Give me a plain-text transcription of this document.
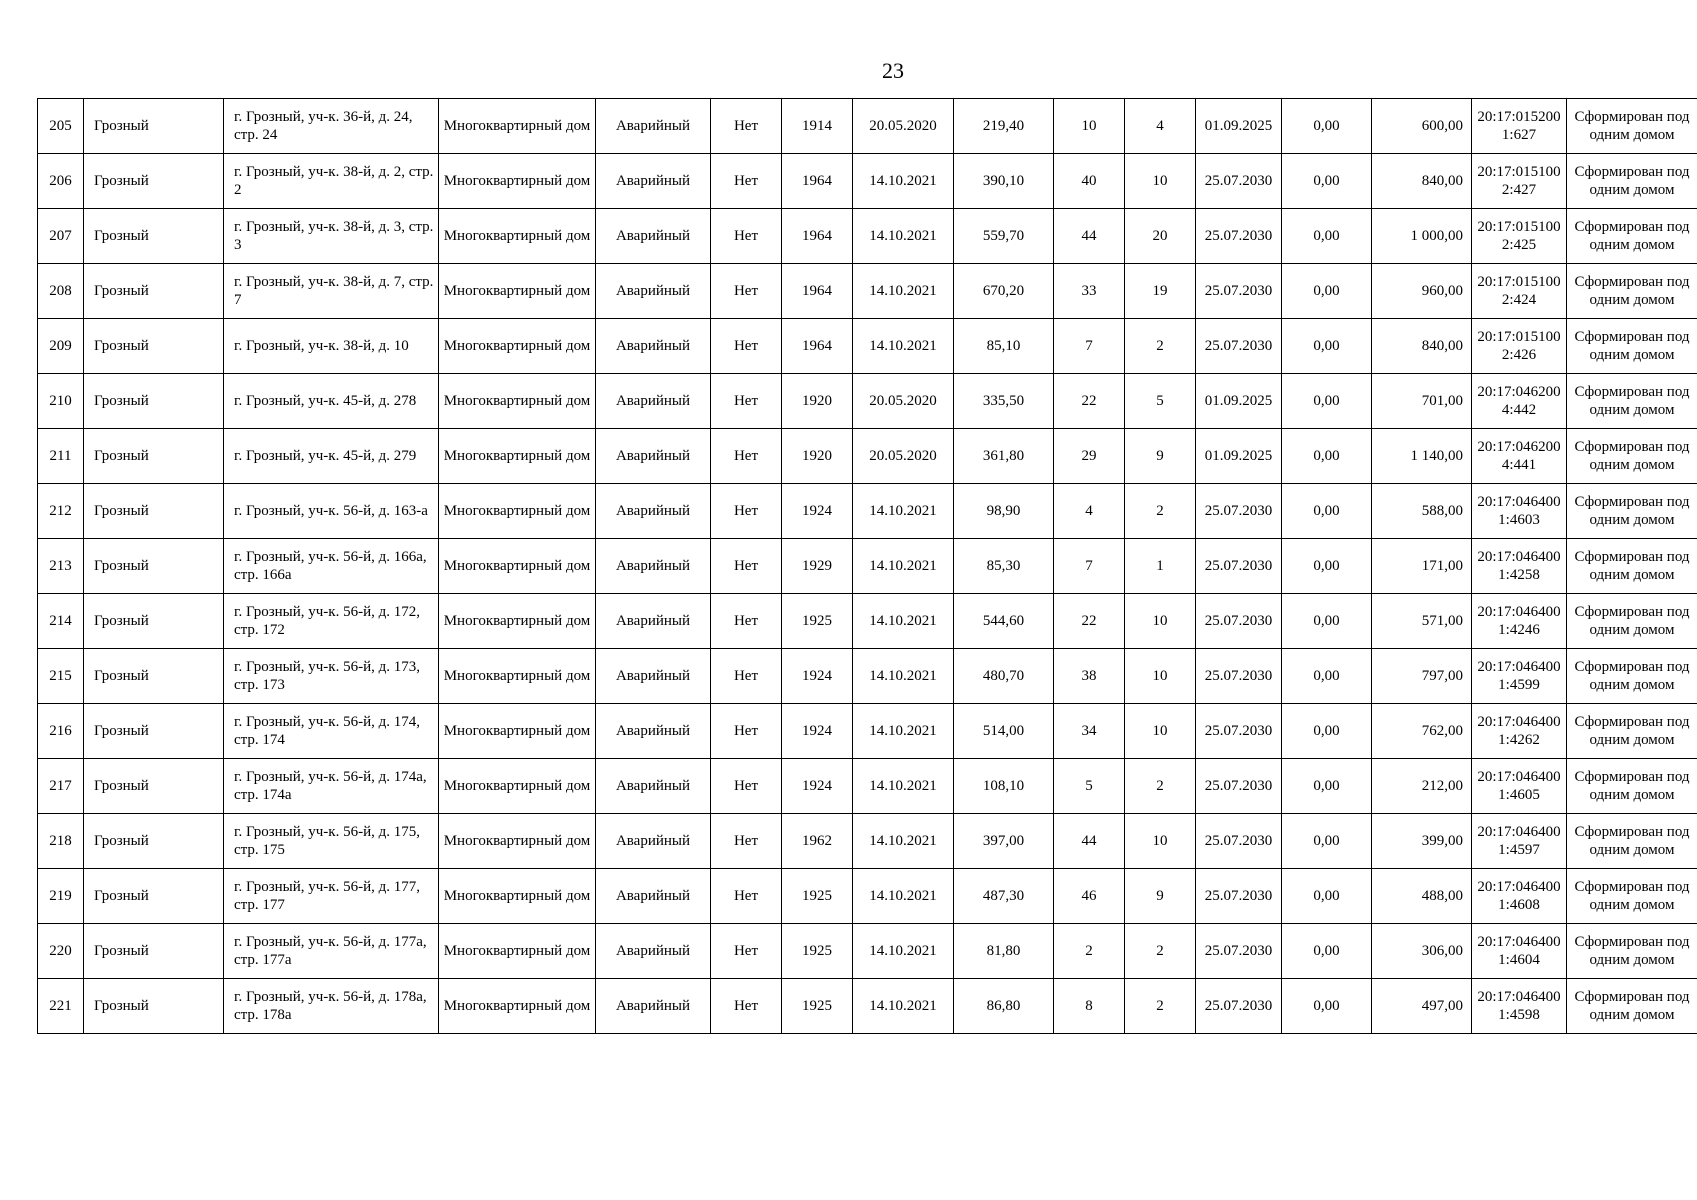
23
205	Грозный	г. Грозный, уч-к. 36-й, д. 24, стр. 24	Многоквартирный дом	Аварийный	Нет	1914	20.05.2020	219,40	10	4	01.09.2025	0,00	600,00	20:17:0152001:627	Сформирован под одним домом
206	Грозный	г. Грозный, уч-к. 38-й, д. 2, стр. 2	Многоквартирный дом	Аварийный	Нет	1964	14.10.2021	390,10	40	10	25.07.2030	0,00	840,00	20:17:0151002:427	Сформирован под одним домом
207	Грозный	г. Грозный, уч-к. 38-й, д. 3, стр. 3	Многоквартирный дом	Аварийный	Нет	1964	14.10.2021	559,70	44	20	25.07.2030	0,00	1 000,00	20:17:0151002:425	Сформирован под одним домом
208	Грозный	г. Грозный, уч-к. 38-й, д. 7, стр. 7	Многоквартирный дом	Аварийный	Нет	1964	14.10.2021	670,20	33	19	25.07.2030	0,00	960,00	20:17:0151002:424	Сформирован под одним домом
209	Грозный	г. Грозный, уч-к. 38-й, д. 10	Многоквартирный дом	Аварийный	Нет	1964	14.10.2021	85,10	7	2	25.07.2030	0,00	840,00	20:17:0151002:426	Сформирован под одним домом
210	Грозный	г. Грозный, уч-к. 45-й, д. 278	Многоквартирный дом	Аварийный	Нет	1920	20.05.2020	335,50	22	5	01.09.2025	0,00	701,00	20:17:0462004:442	Сформирован под одним домом
211	Грозный	г. Грозный, уч-к. 45-й, д. 279	Многоквартирный дом	Аварийный	Нет	1920	20.05.2020	361,80	29	9	01.09.2025	0,00	1 140,00	20:17:0462004:441	Сформирован под одним домом
212	Грозный	г. Грозный, уч-к. 56-й, д. 163-а	Многоквартирный дом	Аварийный	Нет	1924	14.10.2021	98,90	4	2	25.07.2030	0,00	588,00	20:17:0464001:4603	Сформирован под одним домом
213	Грозный	г. Грозный, уч-к. 56-й, д. 166а, стр. 166а	Многоквартирный дом	Аварийный	Нет	1929	14.10.2021	85,30	7	1	25.07.2030	0,00	171,00	20:17:0464001:4258	Сформирован под одним домом
214	Грозный	г. Грозный, уч-к. 56-й, д. 172, стр. 172	Многоквартирный дом	Аварийный	Нет	1925	14.10.2021	544,60	22	10	25.07.2030	0,00	571,00	20:17:0464001:4246	Сформирован под одним домом
215	Грозный	г. Грозный, уч-к. 56-й, д. 173, стр. 173	Многоквартирный дом	Аварийный	Нет	1924	14.10.2021	480,70	38	10	25.07.2030	0,00	797,00	20:17:0464001:4599	Сформирован под одним домом
216	Грозный	г. Грозный, уч-к. 56-й, д. 174, стр. 174	Многоквартирный дом	Аварийный	Нет	1924	14.10.2021	514,00	34	10	25.07.2030	0,00	762,00	20:17:0464001:4262	Сформирован под одним домом
217	Грозный	г. Грозный, уч-к. 56-й, д. 174а, стр. 174а	Многоквартирный дом	Аварийный	Нет	1924	14.10.2021	108,10	5	2	25.07.2030	0,00	212,00	20:17:0464001:4605	Сформирован под одним домом
218	Грозный	г. Грозный, уч-к. 56-й, д. 175, стр. 175	Многоквартирный дом	Аварийный	Нет	1962	14.10.2021	397,00	44	10	25.07.2030	0,00	399,00	20:17:0464001:4597	Сформирован под одним домом
219	Грозный	г. Грозный, уч-к. 56-й, д. 177, стр. 177	Многоквартирный дом	Аварийный	Нет	1925	14.10.2021	487,30	46	9	25.07.2030	0,00	488,00	20:17:0464001:4608	Сформирован под одним домом
220	Грозный	г. Грозный, уч-к. 56-й, д. 177а, стр. 177а	Многоквартирный дом	Аварийный	Нет	1925	14.10.2021	81,80	2	2	25.07.2030	0,00	306,00	20:17:0464001:4604	Сформирован под одним домом
221	Грозный	г. Грозный, уч-к. 56-й, д. 178а, стр. 178а	Многоквартирный дом	Аварийный	Нет	1925	14.10.2021	86,80	8	2	25.07.2030	0,00	497,00	20:17:0464001:4598	Сформирован под одним домом
